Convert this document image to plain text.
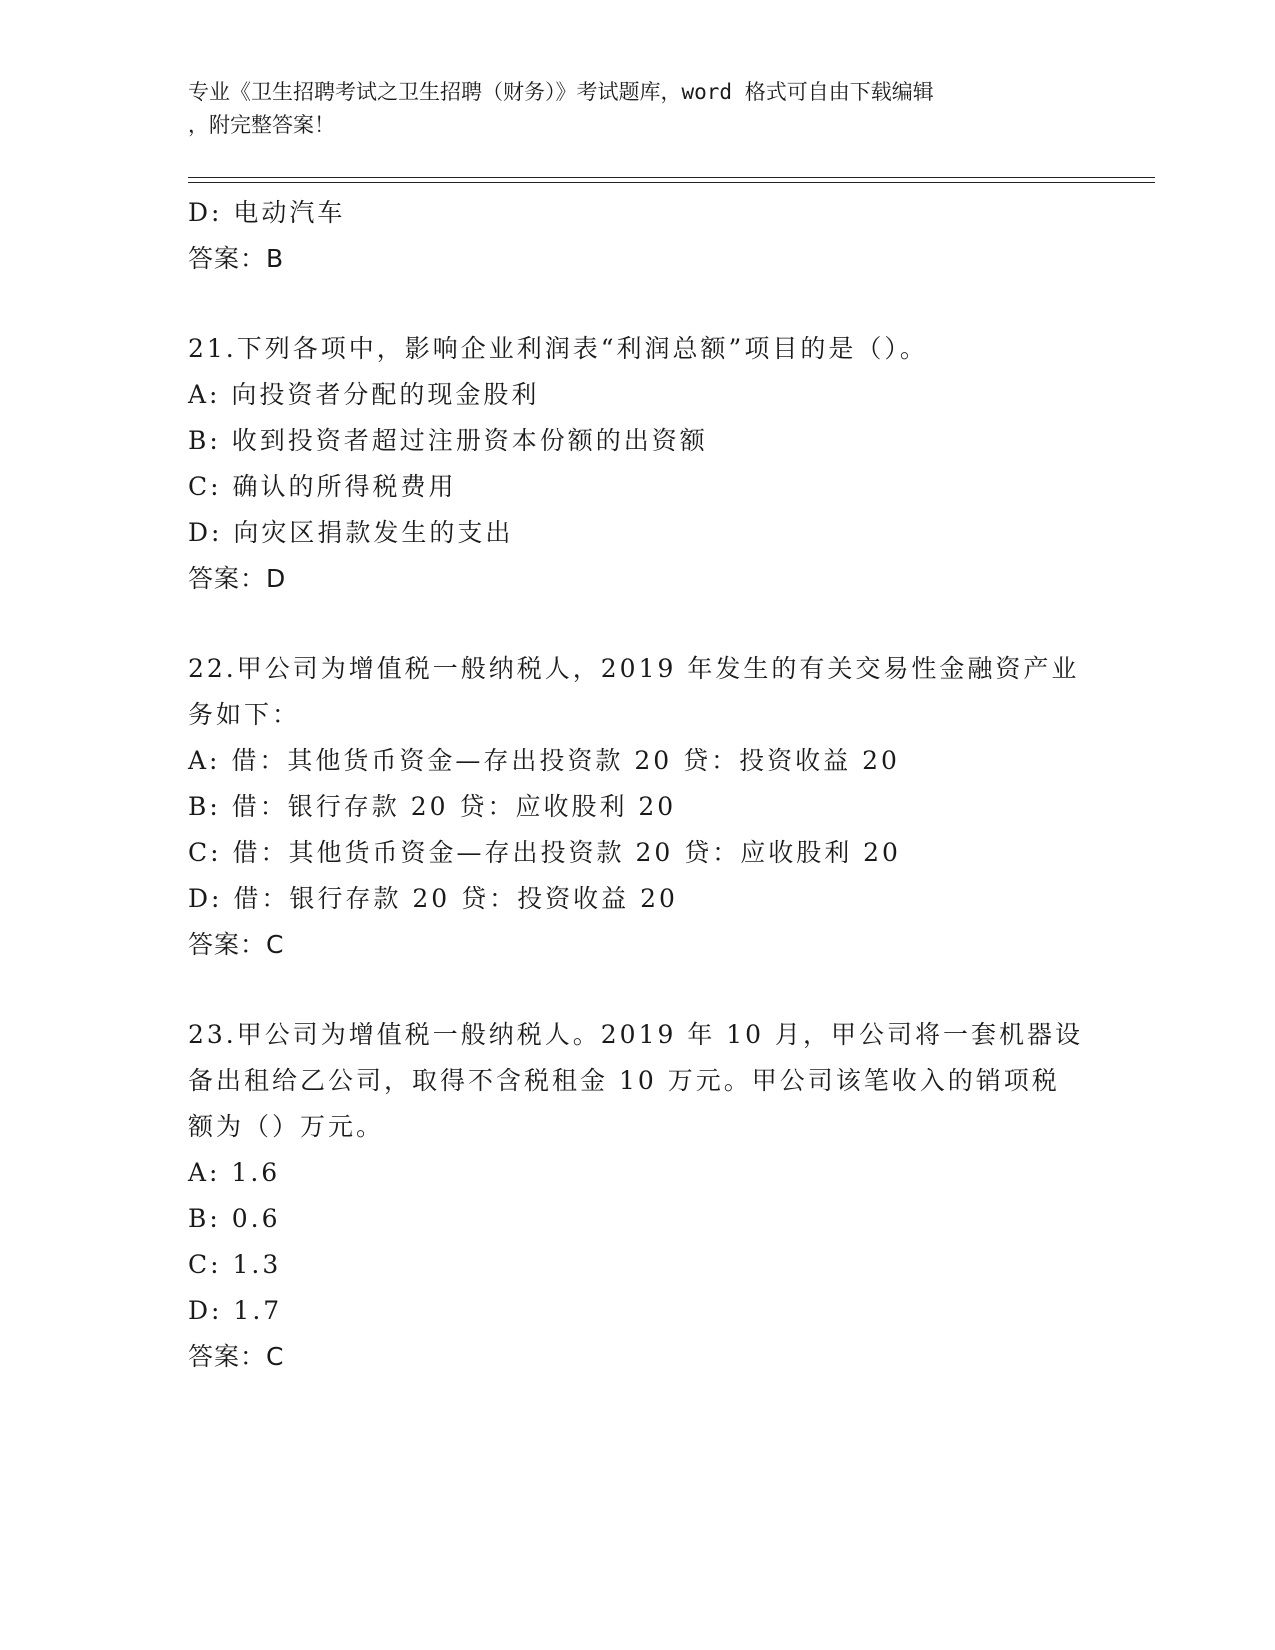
专业《卫生招聘考试之卫生招聘（财务）》考试题库，word 格式可自由下载编辑
，附完整答案！
D: 电动汽车
答案：B
21.下列各项中，影响企业利润表“利润总额”项目的是（）。
A: 向投资者分配的现金股利
B: 收到投资者超过注册资本份额的出资额
C: 确认的所得税费用
D: 向灾区捐款发生的支出
答案：D
22.甲公司为增值税一般纳税人，2019 年发生的有关交易性金融资产业
务如下：
A: 借：其他货币资金—存出投资款 20 贷：投资收益 20
B: 借：银行存款 20 贷：应收股利 20
C: 借：其他货币资金—存出投资款 20 贷：应收股利 20
D: 借：银行存款 20 贷：投资收益 20
答案：C
23.甲公司为增值税一般纳税人。2019 年 10 月，甲公司将一套机器设
备出租给乙公司，取得不含税租金 10 万元。甲公司该笔收入的销项税
额为（）万元。
A: 1.6
B: 0.6
C: 1.3
D: 1.7
答案：C
